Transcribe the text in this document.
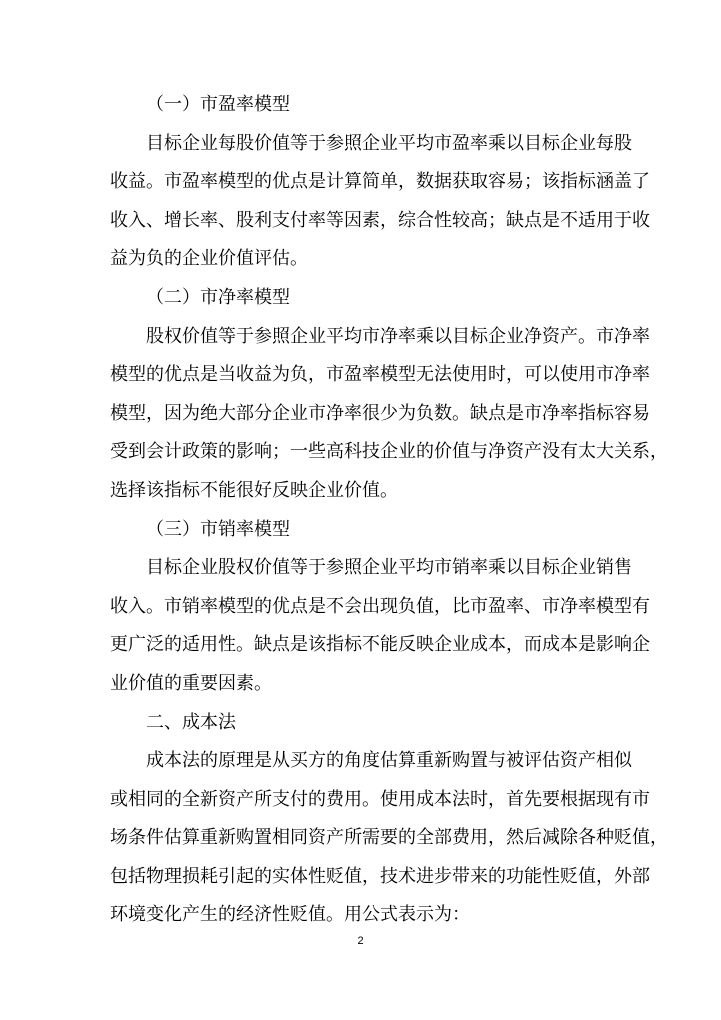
（一）市盈率模型
目标企业每股价值等于参照企业平均市盈率乘以目标企业每股
收益。市盈率模型的优点是计算简单，数据获取容易；该指标涵盖了
收入、增长率、股利支付率等因素，综合性较高；缺点是不适用于收
益为负的企业价值评估。
（二）市净率模型
股权价值等于参照企业平均市净率乘以目标企业净资产。市净率
模型的优点是当收益为负，市盈率模型无法使用时，可以使用市净率
模型，因为绝大部分企业市净率很少为负数。缺点是市净率指标容易
受到会计政策的影响；一些高科技企业的价值与净资产没有太大关系，
选择该指标不能很好反映企业价值。
（三）市销率模型
目标企业股权价值等于参照企业平均市销率乘以目标企业销售
收入。市销率模型的优点是不会出现负值，比市盈率、市净率模型有
更广泛的适用性。缺点是该指标不能反映企业成本，而成本是影响企
业价值的重要因素。
二、成本法
成本法的原理是从买方的角度估算重新购置与被评估资产相似
或相同的全新资产所支付的费用。使用成本法时，首先要根据现有市
场条件估算重新购置相同资产所需要的全部费用，然后减除各种贬值，
包括物理损耗引起的实体性贬值，技术进步带来的功能性贬值，外部
环境变化产生的经济性贬值。用公式表示为：
2
